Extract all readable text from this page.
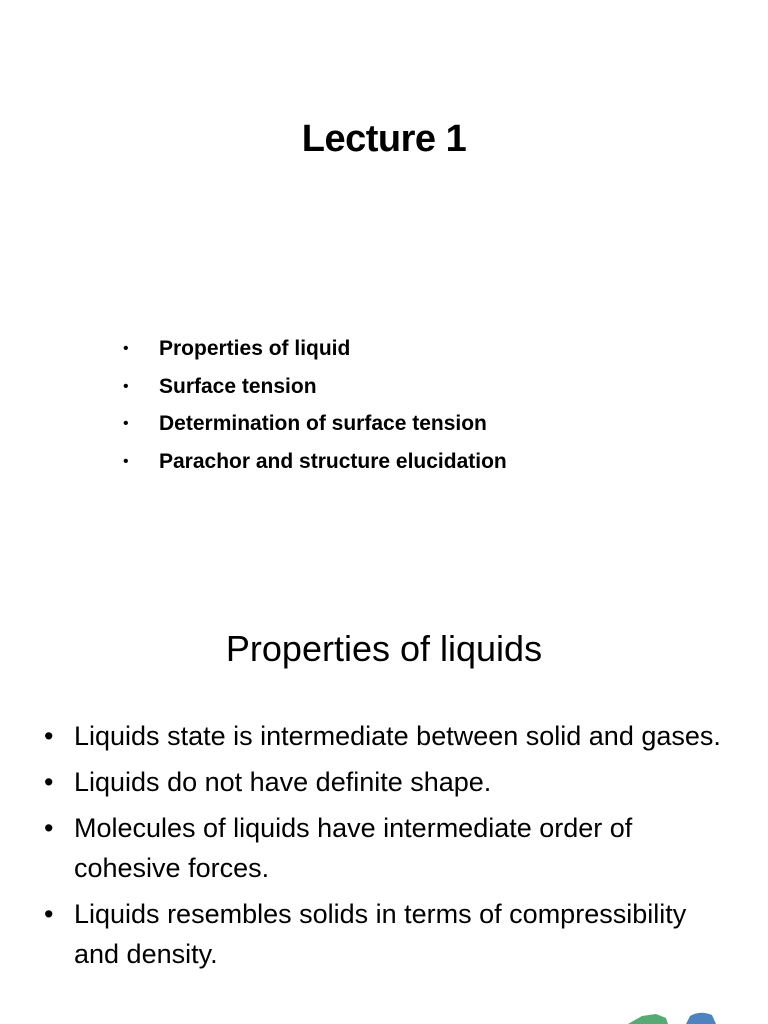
Lecture 1
• Properties of liquid
• Surface tension
• Determination of surface tension
• Parachor and structure elucidation
Properties of liquids
• Liquids state is intermediate between solid and gases.
• Liquids do not have definite shape.
• Molecules of liquids have intermediate order of cohesive forces.
• Liquids resembles solids in terms of compressibility and density.
